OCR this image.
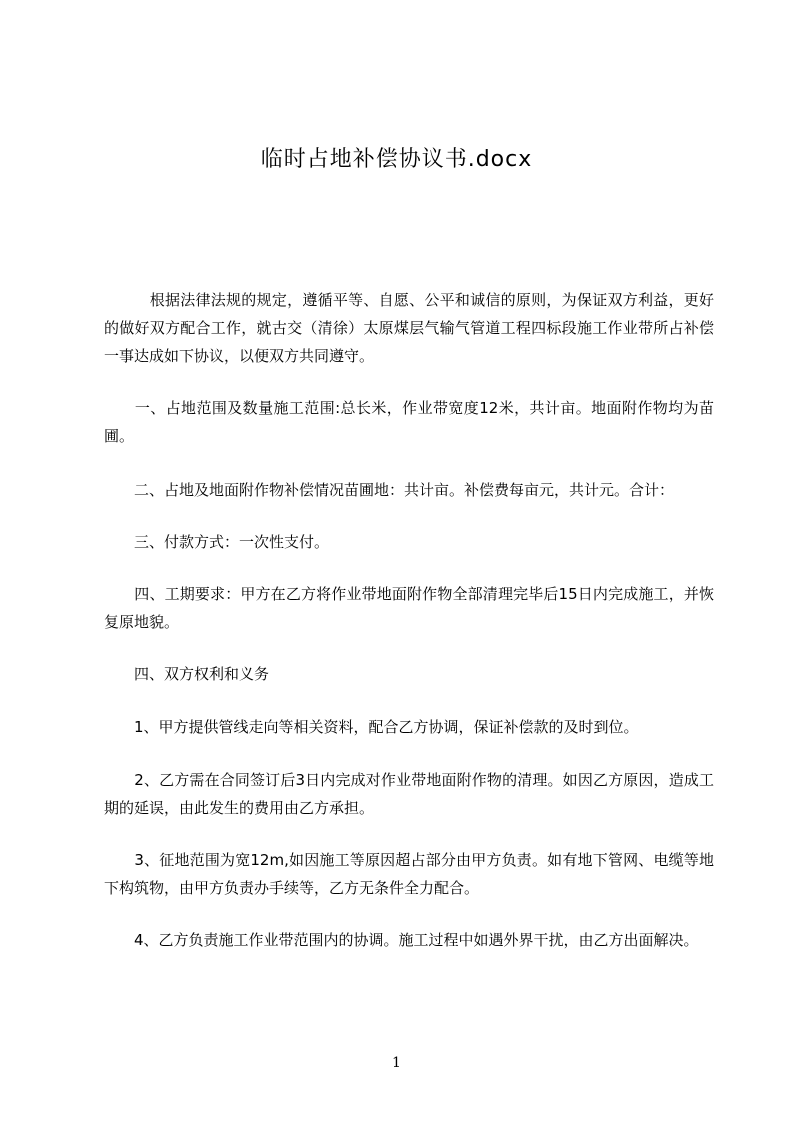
临时占地补偿协议书.docx

　　　根据法律法规的规定，遵循平等、自愿、公平和诚信的原则，为保证双方利益，更好的做好双方配合工作，就古交（清徐）太原煤层气输气管道工程四标段施工作业带所占补偿一事达成如下协议，以便双方共同遵守。

　　一、占地范围及数量施工范围:总长米，作业带宽度12米，共计亩。地面附作物均为苗圃。

　　二、占地及地面附作物补偿情况苗圃地：共计亩。补偿费每亩元，共计元。合计：

　　三、付款方式：一次性支付。

　　四、工期要求：甲方在乙方将作业带地面附作物全部清理完毕后15日内完成施工，并恢复原地貌。

　　四、双方权利和义务

　　1、甲方提供管线走向等相关资料，配合乙方协调，保证补偿款的及时到位。

　　2、乙方需在合同签订后3日内完成对作业带地面附作物的清理。如因乙方原因，造成工期的延误，由此发生的费用由乙方承担。

　　3、征地范围为宽12m,如因施工等原因超占部分由甲方负责。如有地下管网、电缆等地下构筑物，由甲方负责办手续等，乙方无条件全力配合。

　　4、乙方负责施工作业带范围内的协调。施工过程中如遇外界干扰，由乙方出面解决。

1
